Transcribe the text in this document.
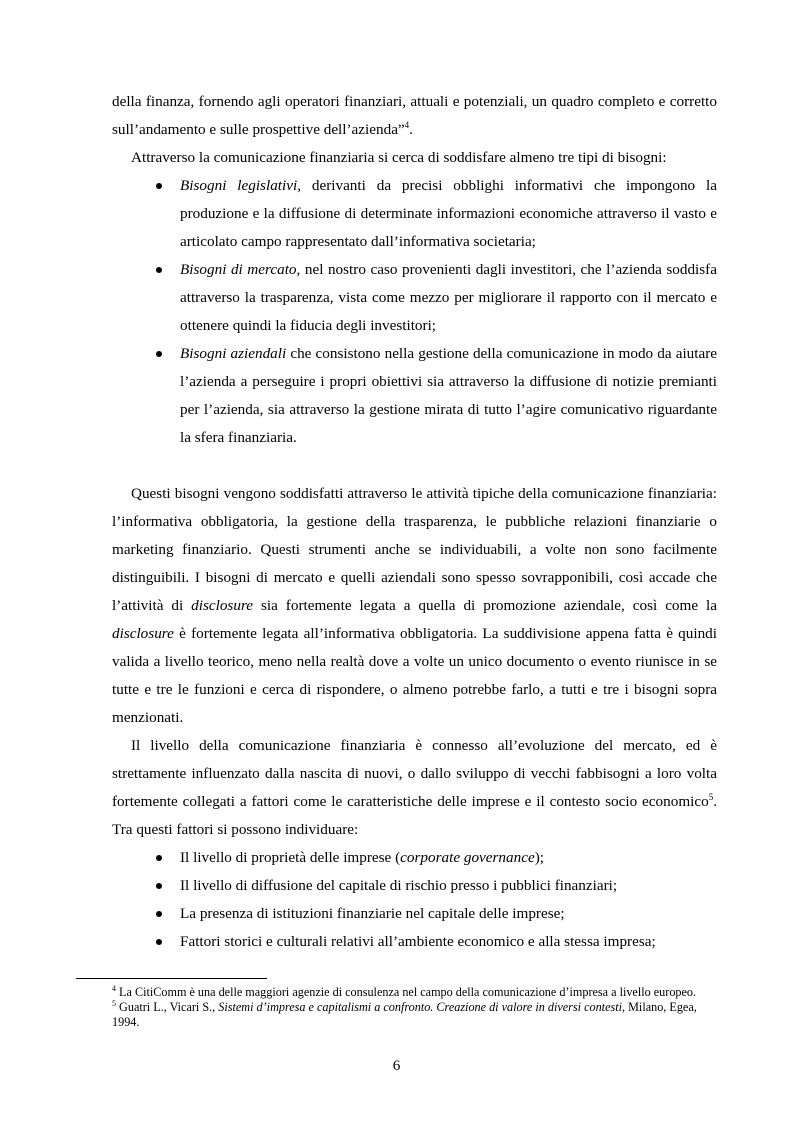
della finanza, fornendo agli operatori finanziari, attuali e potenziali, un quadro completo e corretto sull’andamento e sulle prospettive dell’azienda”$^4$.

Attraverso la comunicazione finanziaria si cerca di soddisfare almeno tre tipi di bisogni:

Bisogni legislativi, derivanti da precisi obblighi informativi che impongono la produzione e la diffusione di determinate informazioni economiche attraverso il vasto e articolato campo rappresentato dall’informativa societaria;
Bisogni di mercato, nel nostro caso provenienti dagli investitori, che l’azienda soddisfa attraverso la trasparenza, vista come mezzo per migliorare il rapporto con il mercato e ottenere quindi la fiducia degli investitori;
Bisogni aziendali che consistono nella gestione della comunicazione in modo da aiutare l’azienda a perseguire i propri obiettivi sia attraverso la diffusione di notizie premianti per l’azienda, sia attraverso la gestione mirata di tutto l’agire comunicativo riguardante la sfera finanziaria.

Questi bisogni vengono soddisfatti attraverso le attività tipiche della comunicazione finanziaria: l’informativa obbligatoria, la gestione della trasparenza, le pubbliche relazioni finanziarie o marketing finanziario. Questi strumenti anche se individuabili, a volte non sono facilmente distinguibili. I bisogni di mercato e quelli aziendali sono spesso sovrapponibili, così accade che l’attività di disclosure sia fortemente legata a quella di promozione aziendale, così come la disclosure è fortemente legata all’informativa obbligatoria. La suddivisione appena fatta è quindi valida a livello teorico, meno nella realtà dove a volte un unico documento o evento riunisce in se tutte e tre le funzioni e cerca di rispondere, o almeno potrebbe farlo, a tutti e tre i bisogni sopra menzionati.

Il livello della comunicazione finanziaria è connesso all’evoluzione del mercato, ed è strettamente influenzato dalla nascita di nuovi, o dallo sviluppo di vecchi fabbisogni a loro volta fortemente collegati a fattori come le caratteristiche delle imprese e il contesto socio economico$^5$. Tra questi fattori si possono individuare:

Il livello di proprietà delle imprese (corporate governance);
Il livello di diffusione del capitale di rischio presso i pubblici finanziari;
La presenza di istituzioni finanziarie nel capitale delle imprese;
Fattori storici e culturali relativi all’ambiente economico e alla stessa impresa;

$^4$ La CitiComm è una delle maggiori agenzie di consulenza nel campo della comunicazione d’impresa a livello europeo.

$^5$ Guatri L., Vicari S., Sistemi d’impresa e capitalismi a confronto. Creazione di valore in diversi contesti, Milano, Egea, 1994.

6
